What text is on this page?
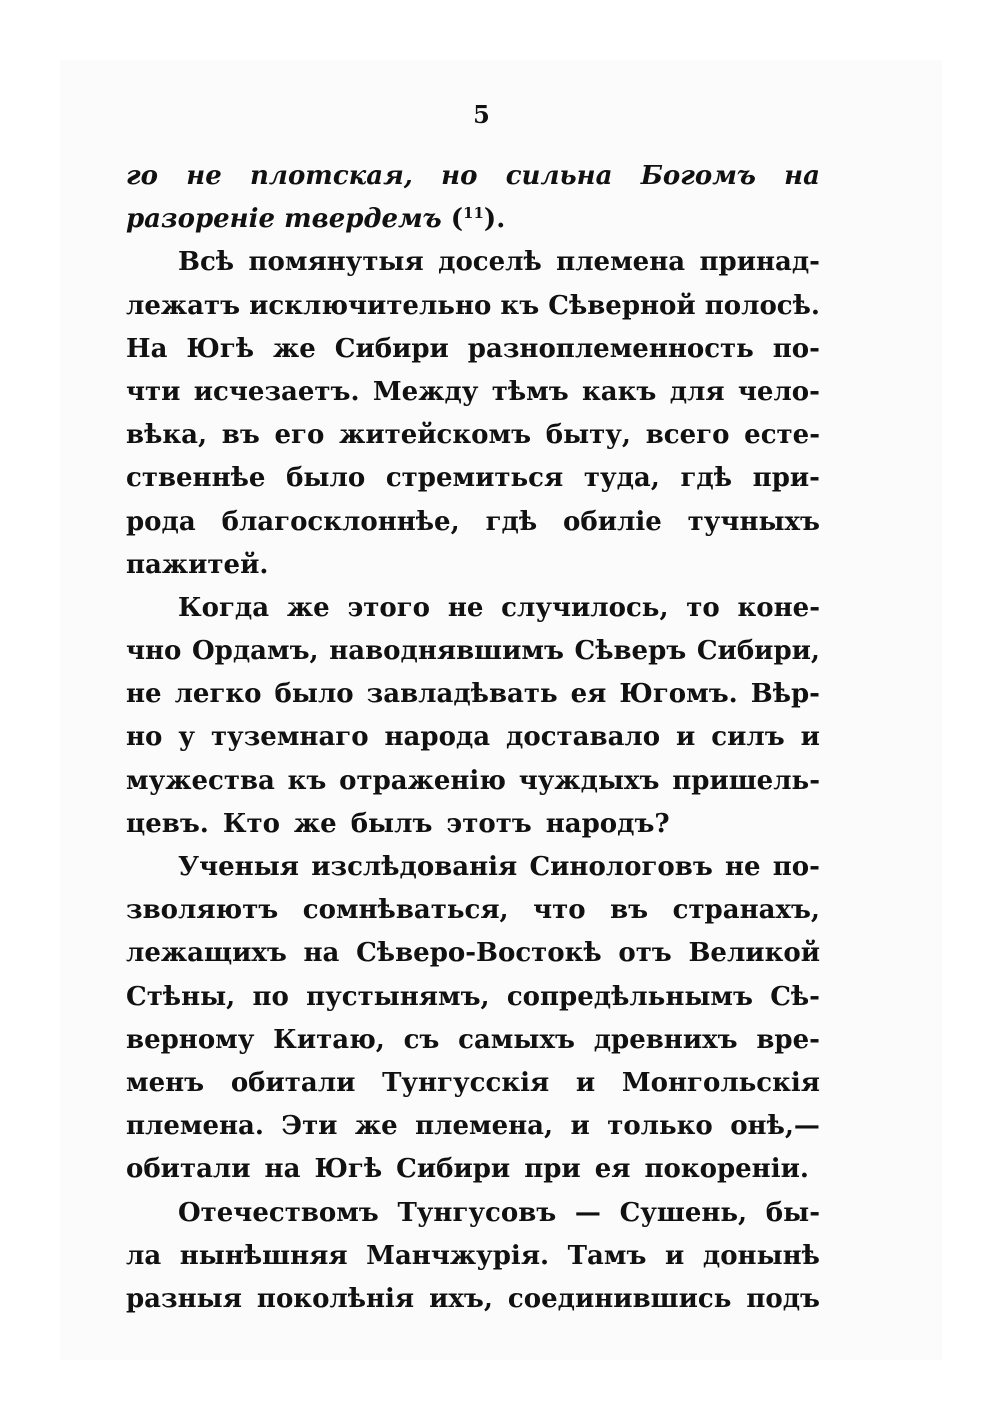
5
го не плотская, но сильна Богомъ на
разореніе твердемъ ($^{11}$).
Всѣ помянутыя доселѣ племена принад-
лежатъ исключительно къ Сѣверной полосѣ.
На Югѣ же Сибири разноплеменность по-
чти исчезаетъ. Между тѣмъ какъ для чело-
вѣка, въ его житейскомъ быту, всего есте-
ственнѣе было стремиться туда, гдѣ при-
рода благосклоннѣе, гдѣ обиліе тучныхъ
пажитей.
Когда же этого не случилось, то коне-
чно Ордамъ, наводнявшимъ Сѣверъ Сибири,
не легко было завладѣвать ея Югомъ. Вѣр-
но у туземнаго народа доставало и силъ и
мужества къ отраженію чуждыхъ пришель-
цевъ. Кто же былъ этотъ народъ?
Ученыя изслѣдованія Синологовъ не по-
зволяютъ сомнѣваться, что въ странахъ,
лежащихъ на Сѣверо-Востокѣ отъ Великой
Стѣны, по пустынямъ, сопредѣльнымъ Сѣ-
верному Китаю, съ самыхъ древнихъ вре-
менъ обитали Тунгусскія и Монгольскія
племена. Эти же племена, и только онѣ,—
обитали на Югѣ Сибири при ея покореніи.
Отечествомъ Тунгусовъ — Сушень, бы-
ла нынѣшняя Манчжурія. Тамъ и донынѣ
разныя поколѣнія ихъ, соединившись подъ
